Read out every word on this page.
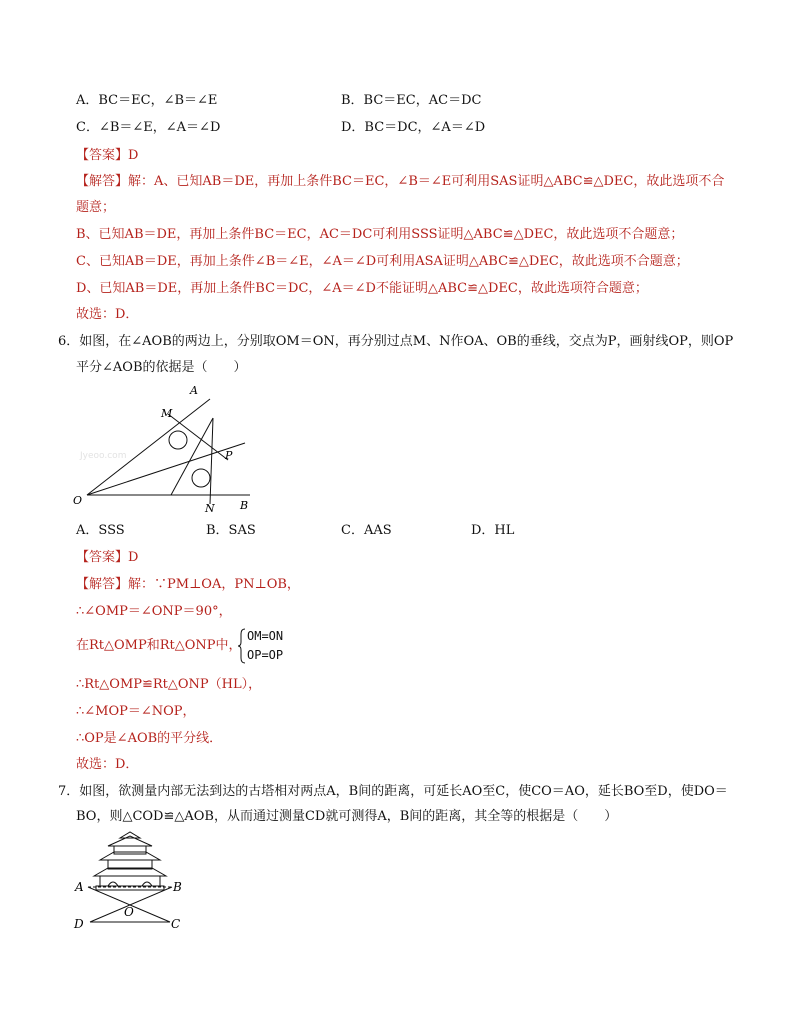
A．BC＝EC，∠B＝∠E	B．BC＝EC，AC＝DC
C．∠B＝∠E，∠A＝∠D	D．BC＝DC，∠A＝∠D
【答案】D
【解答】解：A、已知AB＝DE，再加上条件BC＝EC，∠B＝∠E可利用SAS证明△ABC≌△DEC，故此选项不合
题意；
B、已知AB＝DE，再加上条件BC＝EC，AC＝DC可利用SSS证明△ABC≌△DEC，故此选项不合题意；
C、已知AB＝DE，再加上条件∠B＝∠E，∠A＝∠D可利用ASA证明△ABC≌△DEC，故此选项不合题意；
D、已知AB＝DE，再加上条件BC＝DC，∠A＝∠D不能证明△ABC≌△DEC，故此选项符合题意；
故选：D．
6．如图，在∠AOB的两边上，分别取OM＝ON，再分别过点M、N作OA、OB的垂线，交点为P，画射线OP，则OP
平分∠AOB的依据是（　　）
Jyeoo.com
A
M
P
O
N B
A．SSS	B．SAS	C．AAS	D．HL
【答案】D
【解答】解：∵PM⊥OA，PN⊥OB，
∴∠OMP＝∠ONP＝90°，
在Rt△OMP和Rt△ONP中，
OM=ON
OP=OP
∴Rt△OMP≌Rt△ONP（HL），
∴∠MOP＝∠NOP，
∴OP是∠AOB的平分线．
故选：D．
7．如图，欲测量内部无法到达的古塔相对两点A，B间的距离，可延长AO至C，使CO＝AO，延长BO至D，使DO＝
BO，则△COD≌△AOB，从而通过测量CD就可测得A，B间的距离，其全等的根据是（　　）
A	B
O
D	C
